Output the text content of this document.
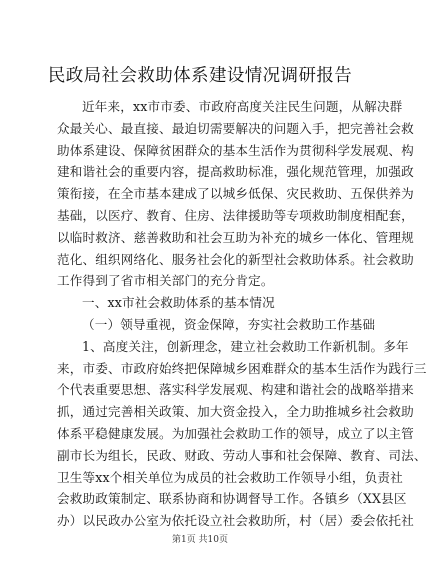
民政局社会救助体系建设情况调研报告
近年来，xx市市委、市政府高度关注民生问题，从解决群
众最关心、最直接、最迫切需要解决的问题入手，把完善社会救
助体系建设、保障贫困群众的基本生活作为贯彻科学发展观、构
建和谐社会的重要内容，提高救助标准，强化规范管理，加强政
策衔接，在全市基本建成了以城乡低保、灾民救助、五保供养为
基础，以医疗、教育、住房、法律援助等专项救助制度相配套，
以临时救济、慈善救助和社会互助为补充的城乡一体化、管理规
范化、组织网络化、服务社会化的新型社会救助体系。社会救助
工作得到了省市相关部门的充分肯定。
一、xx市社会救助体系的基本情况
（一）领导重视，资金保障，夯实社会救助工作基础
1、高度关注，创新理念，建立社会救助工作新机制。多年
来，市委、市政府始终把保障城乡困难群众的基本生活作为践行三
个代表重要思想、落实科学发展观、构建和谐社会的战略举措来
抓，通过完善相关政策、加大资金投入，全力助推城乡社会救助
体系平稳健康发展。为加强社会救助工作的领导，成立了以主管
副市长为组长，民政、财政、劳动人事和社会保障、教育、司法、
卫生等xx个相关单位为成员的社会救助工作领导小组，负责社
会救助政策制定、联系协商和协调督导工作。各镇乡（XX县区
办）以民政办公室为依托设立社会救助所，村（居）委会依托社
第1页 共10页
